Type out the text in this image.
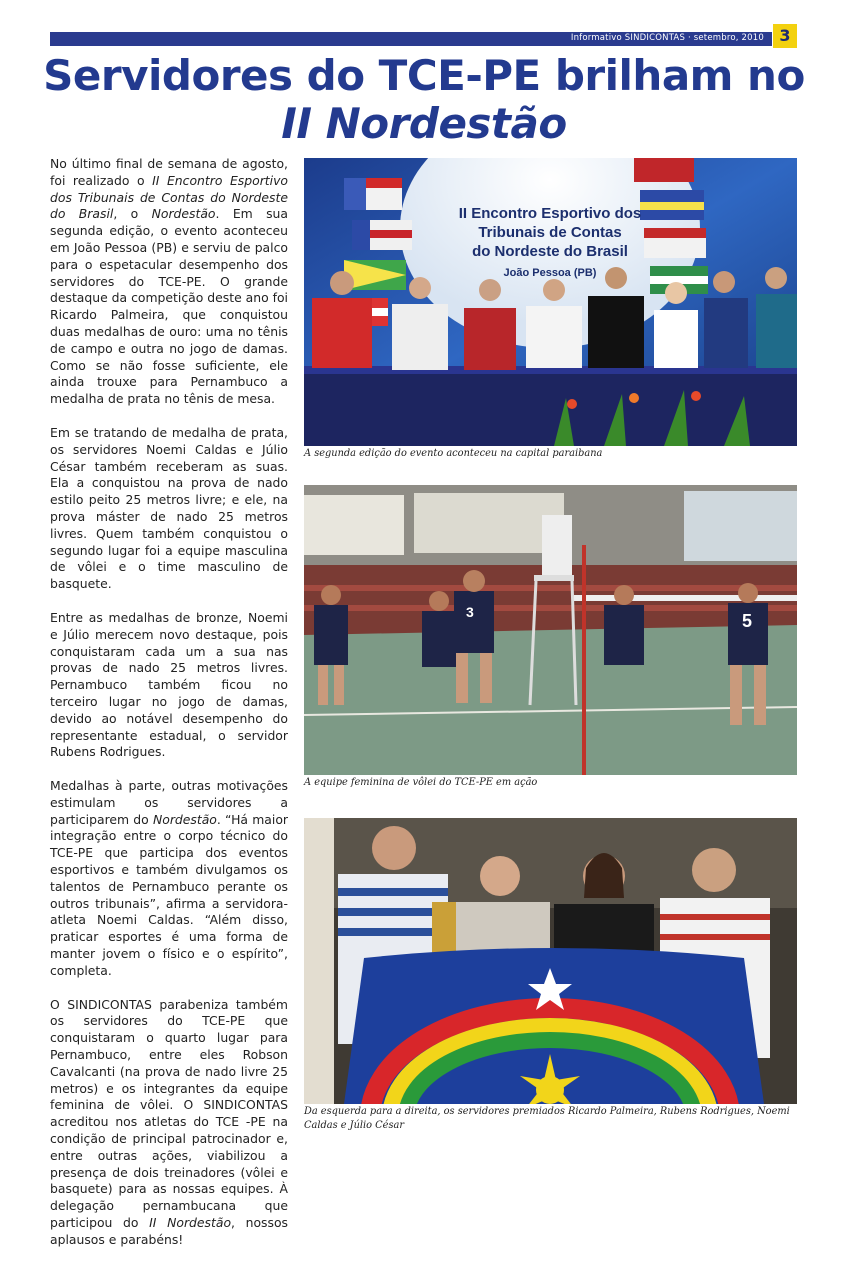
Informativo SINDICONTAS · setembro, 2010 3
Servidores do TCE-PE brilham no
II Nordestão

No último final de semana de agosto, foi realizado o II Encontro Esportivo dos Tribunais de Contas do Nordeste do Brasil, o Nordestão. Em sua segunda edição, o evento aconteceu em João Pessoa (PB) e serviu de palco para o espetacular desempenho dos servidores do TCE-PE. O grande destaque da competição deste ano foi Ricardo Palmeira, que conquistou duas medalhas de ouro: uma no tênis de campo e outra no jogo de damas. Como se não fosse suficiente, ele ainda trouxe para Pernambuco a medalha de prata no tênis de mesa.

Em se tratando de medalha de prata, os servidores Noemi Caldas e Júlio César também receberam as suas. Ela a conquistou na prova de nado estilo peito 25 metros livre; e ele, na prova máster de nado 25 metros livres. Quem também conquistou o segundo lugar foi a equipe masculina de vôlei e o time masculino de basquete.

Entre as medalhas de bronze, Noemi e Júlio merecem novo destaque, pois conquistaram cada um a sua nas provas de nado 25 metros livres. Pernambuco também ficou no terceiro lugar no jogo de damas, devido ao notável desempenho do representante estadual, o servidor Rubens Rodrigues.

Medalhas à parte, outras motivações estimulam os servidores a participarem do Nordestão. “Há maior integração entre o corpo técnico do TCE-PE que participa dos eventos esportivos e também divulgamos os talentos de Pernambuco perante os outros tribunais”, afirma a servidora-atleta Noemi Caldas. “Além disso, praticar esportes é uma forma de manter jovem o físico e o espírito”, completa.

O SINDICONTAS parabeniza também os servidores do TCE-PE que conquistaram o quarto lugar para Pernambuco, entre eles Robson Cavalcanti (na prova de nado livre 25 metros) e os integrantes da equipe feminina de vôlei. O SINDICONTAS acreditou nos atletas do TCE -PE na condição de principal patrocinador e, entre outras ações, viabilizou a presença de dois treinadores (vôlei e basquete) para as nossas equipes. À delegação pernambucana que participou do II Nordestão, nossos aplausos e parabéns!

II Encontro Esportivo dos
Tribunais de Contas
do Nordeste do Brasil
João Pessoa (PB)
A segunda edição do evento aconteceu na capital paraibana
5
3
A equipe feminina de vôlei do TCE-PE em ação
Da esquerda para a direita, os servidores premiados Ricardo Palmeira, Rubens Rodrigues, Noemi Caldas e Júlio César
